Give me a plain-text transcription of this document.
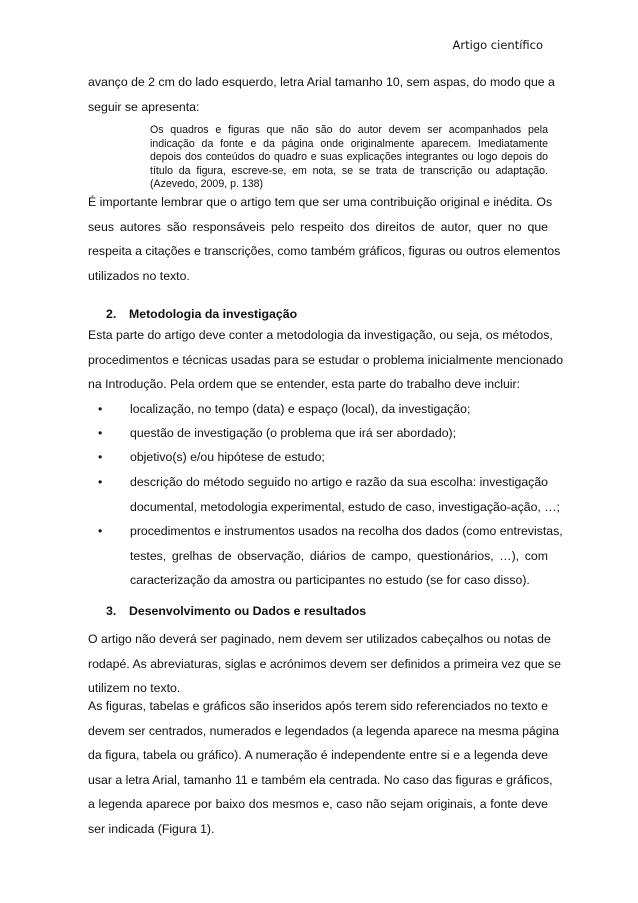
Artigo científico
avanço de 2 cm do lado esquerdo, letra Arial tamanho 10, sem aspas, do modo que a
seguir se apresenta:
Os quadros e figuras que não são do autor devem ser acompanhados pela
indicação da fonte e da página onde originalmente aparecem. Imediatamente
depois dos conteúdos do quadro e suas explicações integrantes ou logo depois do
título da figura, escreve-se, em nota, se se trata de transcrição ou adaptação.
(Azevedo, 2009, p. 138)
É importante lembrar que o artigo tem que ser uma contribuição original e inédita. Os
seus autores são responsáveis pelo respeito dos direitos de autor, quer no que
respeita a citações e transcrições, como também gráficos, figuras ou outros elementos
utilizados no texto.
2. Metodologia da investigação
Esta parte do artigo deve conter a metodologia da investigação, ou seja, os métodos,
procedimentos e técnicas usadas para se estudar o problema inicialmente mencionado
na Introdução. Pela ordem que se entender, esta parte do trabalho deve incluir:
• localização, no tempo (data) e espaço (local), da investigação;
• questão de investigação (o problema que irá ser abordado);
• objetivo(s) e/ou hipótese de estudo;
• descrição do método seguido no artigo e razão da sua escolha: investigação
documental, metodologia experimental, estudo de caso, investigação-ação, …;
• procedimentos e instrumentos usados na recolha dos dados (como entrevistas,
testes, grelhas de observação, diários de campo, questionários, …), com
caracterização da amostra ou participantes no estudo (se for caso disso).
3. Desenvolvimento ou Dados e resultados
O artigo não deverá ser paginado, nem devem ser utilizados cabeçalhos ou notas de
rodapé. As abreviaturas, siglas e acrónimos devem ser definidos a primeira vez que se
utilizem no texto.
As figuras, tabelas e gráficos são inseridos após terem sido referenciados no texto e
devem ser centrados, numerados e legendados (a legenda aparece na mesma página
da figura, tabela ou gráfico). A numeração é independente entre si e a legenda deve
usar a letra Arial, tamanho 11 e também ela centrada. No caso das figuras e gráficos,
a legenda aparece por baixo dos mesmos e, caso não sejam originais, a fonte deve
ser indicada (Figura 1).
